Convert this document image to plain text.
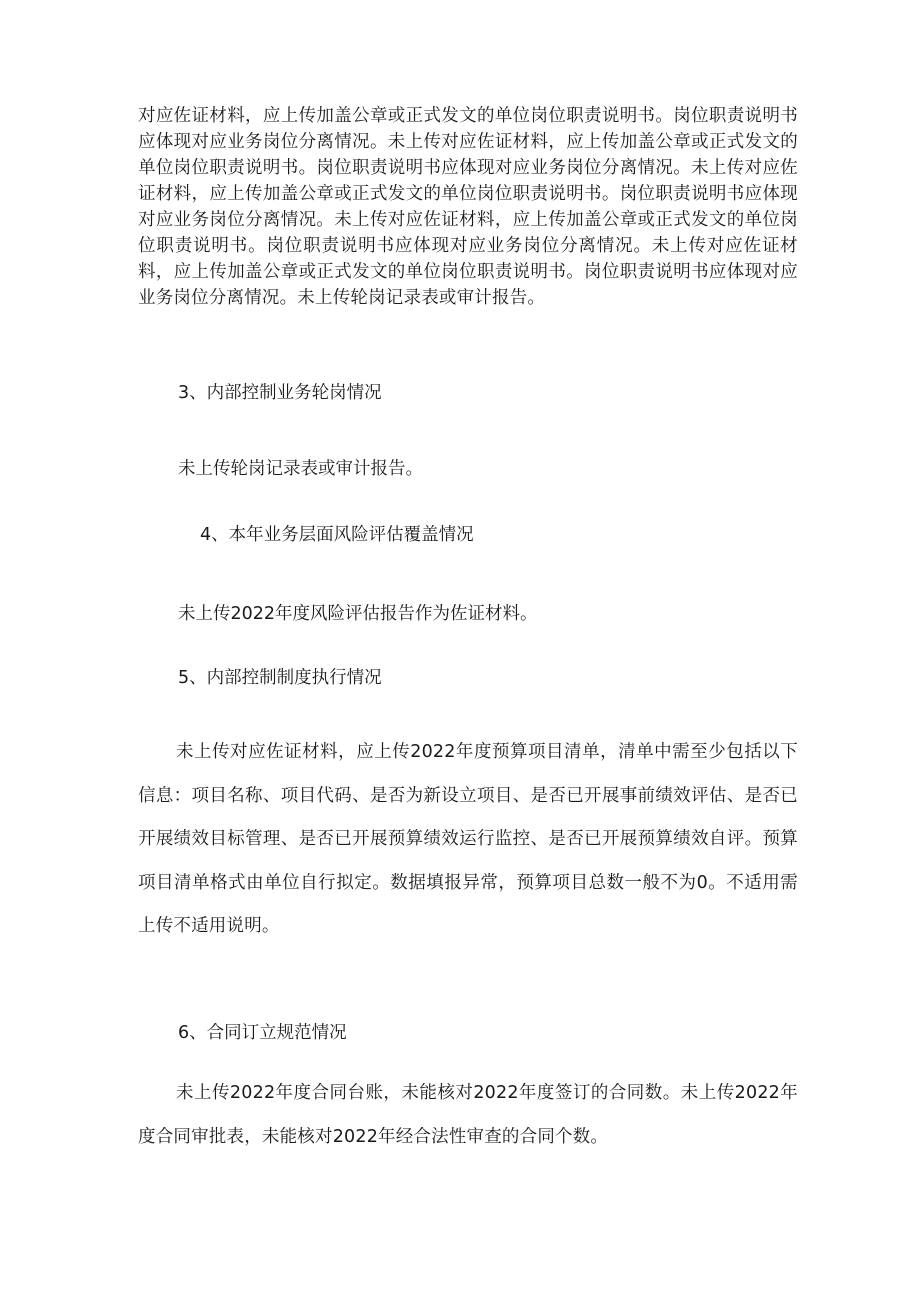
对应佐证材料，应上传加盖公章或正式发文的单位岗位职责说明书。岗位职责说明书应体现对应业务岗位分离情况。未上传对应佐证材料，应上传加盖公章或正式发文的单位岗位职责说明书。岗位职责说明书应体现对应业务岗位分离情况。未上传对应佐证材料，应上传加盖公章或正式发文的单位岗位职责说明书。岗位职责说明书应体现对应业务岗位分离情况。未上传对应佐证材料，应上传加盖公章或正式发文的单位岗位职责说明书。岗位职责说明书应体现对应业务岗位分离情况。未上传对应佐证材料，应上传加盖公章或正式发文的单位岗位职责说明书。岗位职责说明书应体现对应业务岗位分离情况。未上传轮岗记录表或审计报告。
3、内部控制业务轮岗情况
未上传轮岗记录表或审计报告。
4、本年业务层面风险评估覆盖情况
未上传2022年度风险评估报告作为佐证材料。
5、内部控制制度执行情况
未上传对应佐证材料，应上传2022年度预算项目清单，清单中需至少包括以下信息：项目名称、项目代码、是否为新设立项目、是否已开展事前绩效评估、是否已开展绩效目标管理、是否已开展预算绩效运行监控、是否已开展预算绩效自评。预算项目清单格式由单位自行拟定。数据填报异常，预算项目总数一般不为0。不适用需上传不适用说明。
6、合同订立规范情况
未上传2022年度合同台账，未能核对2022年度签订的合同数。未上传2022年度合同审批表，未能核对2022年经合法性审查的合同个数。
